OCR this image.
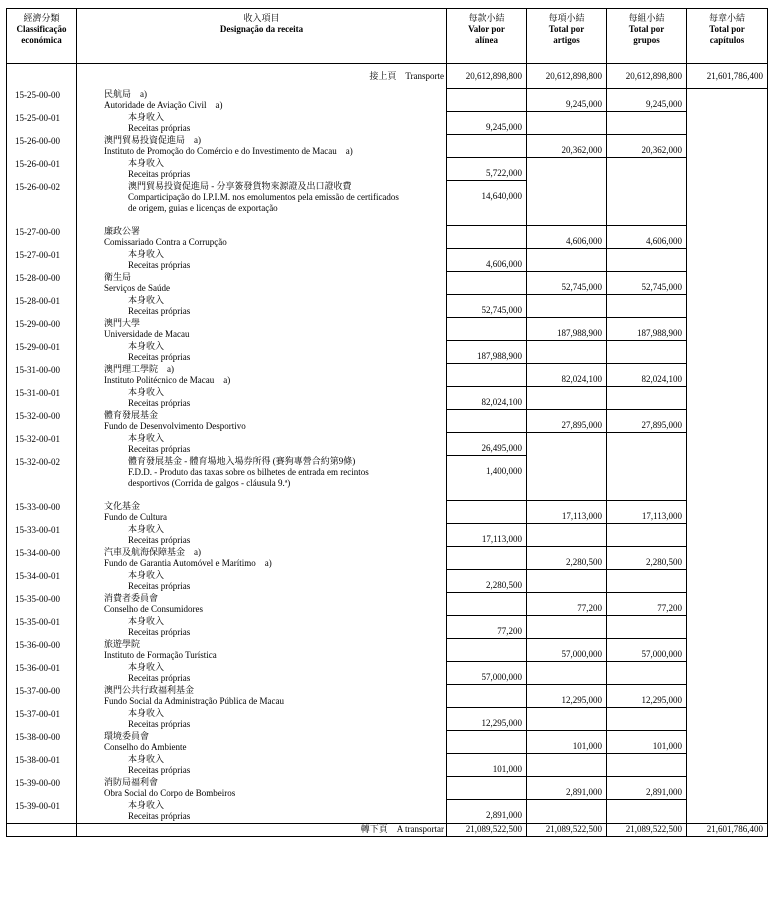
經濟分類
Classificação
económica	收入項目
Designação da receita	每款小結
Valor por
alínea	每項小結
Total por
artigos	每組小結
Total por
grupos	每章小結
Total por
capítulos
	接上頁 Transporte	20,612,898,800	20,612,898,800	20,612,898,800	21,601,786,400
15-25-00-00	民航局　a)
Autoridade de Aviação Civil　a)		9,245,000	9,245,000	
15-25-00-01	本身收入
Receitas próprias	9,245,000			
15-26-00-00	澳門貿易投資促進局　a)
Instituto de Promoção do Comércio e do Investimento de Macau　a)		20,362,000	20,362,000	
15-26-00-01	本身收入
Receitas próprias	5,722,000			
15-26-00-02	澳門貿易投資促進局 - 分享簽發貨物來源證及出口證收費
Comparticipação do I.P.I.M. nos emolumentos pela emissão de certificados
de origem, guias e licenças de exportação	14,640,000			
15-27-00-00	廉政公署
Comissariado Contra a Corrupção		4,606,000	4,606,000	
15-27-00-01	本身收入
Receitas próprias	4,606,000			
15-28-00-00	衛生局
Serviços de Saúde		52,745,000	52,745,000	
15-28-00-01	本身收入
Receitas próprias	52,745,000			
15-29-00-00	澳門大學
Universidade de Macau		187,988,900	187,988,900	
15-29-00-01	本身收入
Receitas próprias	187,988,900			
15-31-00-00	澳門理工學院　a)
Instituto Politécnico de Macau　a)		82,024,100	82,024,100	
15-31-00-01	本身收入
Receitas próprias	82,024,100			
15-32-00-00	體育發展基金
Fundo de Desenvolvimento Desportivo		27,895,000	27,895,000	
15-32-00-01	本身收入
Receitas próprias	26,495,000			
15-32-00-02	體育發展基金 - 體育場地入場券所得 (賽狗專營合約第9條)
F.D.D. - Produto das taxas sobre os bilhetes de entrada em recintos
desportivos (Corrida de galgos - cláusula 9.ª)	1,400,000			
15-33-00-00	文化基金
Fundo de Cultura		17,113,000	17,113,000	
15-33-00-01	本身收入
Receitas próprias	17,113,000			
15-34-00-00	汽車及航海保障基金　a)
Fundo de Garantia Automóvel e Marítimo　a)		2,280,500	2,280,500	
15-34-00-01	本身收入
Receitas próprias	2,280,500			
15-35-00-00	消費者委員會
Conselho de Consumidores		77,200	77,200	
15-35-00-01	本身收入
Receitas próprias	77,200			
15-36-00-00	旅遊學院
Instituto de Formação Turística		57,000,000	57,000,000	
15-36-00-01	本身收入
Receitas próprias	57,000,000			
15-37-00-00	澳門公共行政福利基金
Fundo Social da Administração Pública de Macau		12,295,000	12,295,000	
15-37-00-01	本身收入
Receitas próprias	12,295,000			
15-38-00-00	環境委員會
Conselho do Ambiente		101,000	101,000	
15-38-00-01	本身收入
Receitas próprias	101,000			
15-39-00-00	消防局福利會
Obra Social do Corpo de Bombeiros		2,891,000	2,891,000	
15-39-00-01	本身收入
Receitas próprias	2,891,000			
	轉下頁 A transportar	21,089,522,500	21,089,522,500	21,089,522,500	21,601,786,400
